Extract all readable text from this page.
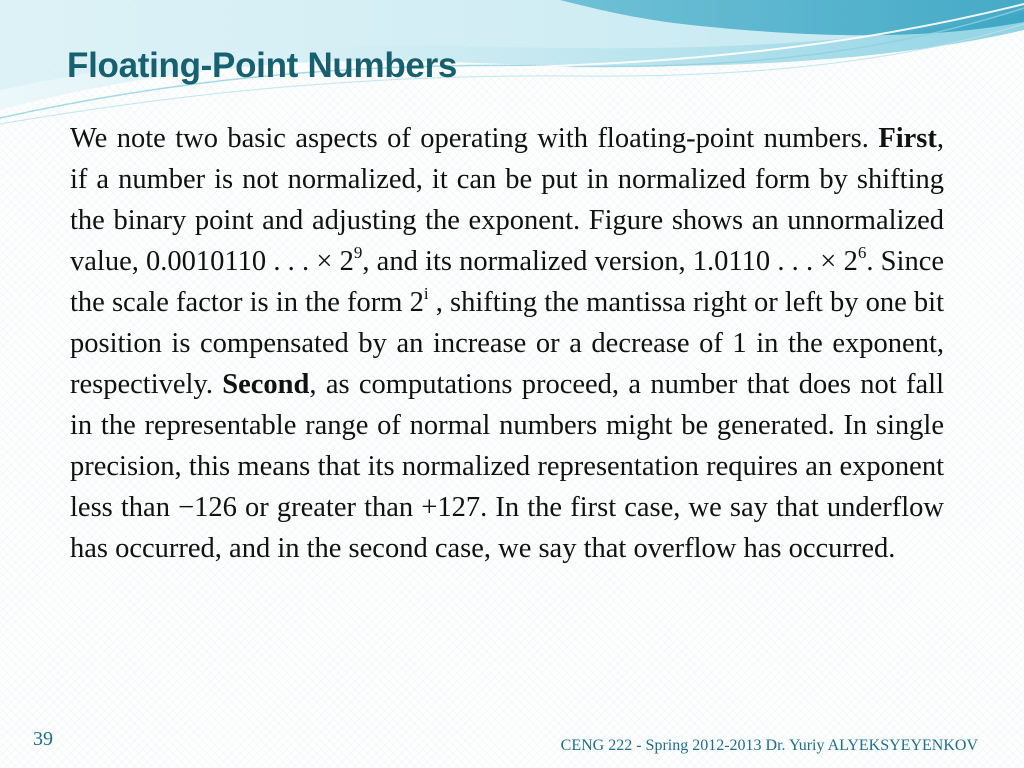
Floating-Point Numbers

We note two basic aspects of operating with floating-point numbers. First, if a number is not normalized, it can be put in normalized form by shifting the binary point and adjusting the exponent. Figure shows an unnormalized value, 0.0010110 . . . × $2^9$, and its normalized version, 1.0110 . . . × $2^6$. Since the scale factor is in the form 2$^i$ , shifting the mantissa right or left by one bit position is compensated by an increase or a decrease of 1 in the exponent, respectively. Second, as computations proceed, a number that does not fall in the representable range of normal numbers might be generated. In single precision, this means that its normalized representation requires an exponent less than −126 or greater than +127. In the first case, we say that underflow has occurred, and in the second case, we say that overflow has occurred.

39	CENG 222 - Spring 2012-2013 Dr. Yuriy ALYEKSYEYENKOV
